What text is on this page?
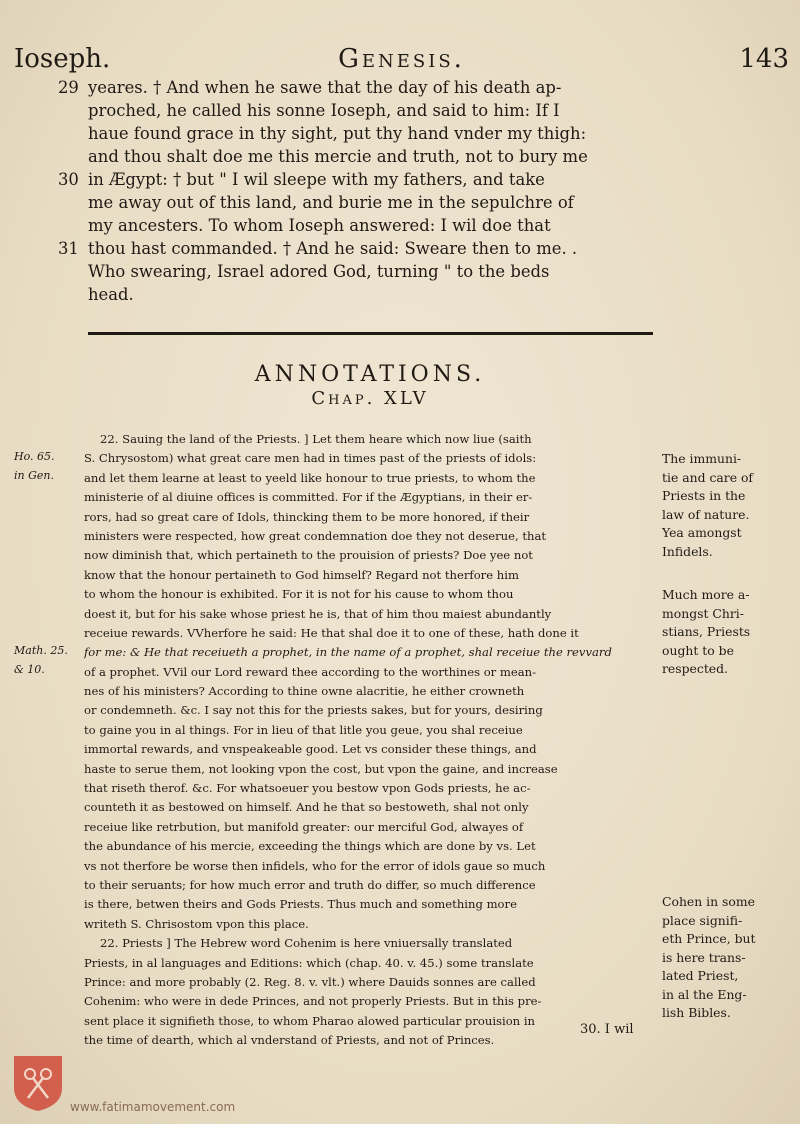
Ioseph.	Genesis.	143
29 yeares. † And when he sawe that the day of his death ap-
proched, he called his sonne Ioseph, and said to him: If I
haue found grace in thy sight, put thy hand vnder my thigh:
and thou shalt doe me this mercie and truth, not to bury me
30 in Ægypt: † but " I wil sleepe with my fathers, and take
me away out of this land, and burie me in the sepulchre of
my ancesters. To whom Ioseph answered: I wil doe that
31 thou hast commanded. † And he said: Sweare then to me. .
Who swearing, Israel adored God, turning " to the beds
head.
ANNOTATIONS.
Chap. XLV
Ho. 65.
in Gen.
Math. 25.
& 10.
22. Sauing the land of the Priests. ] Let them heare which now liue (saith
S. Chrysostom) what great care men had in times past of the priests of idols:
and let them learne at least to yeeld like honour to true priests, to whom the
ministerie of al diuine offices is committed. For if the Ægyptians, in their er-
rors, had so great care of Idols, thincking them to be more honored, if their
ministers were respected, how great condemnation doe they not deserue, that
now diminish that, which pertaineth to the prouision of priests? Doe yee not
know that the honour pertaineth to God himself? Regard not therfore him
to whom the honour is exhibited. For it is not for his cause to whom thou
doest it, but for his sake whose priest he is, that of him thou maiest abundantly
receiue rewards. VVherfore he said: He that shal doe it to one of these, hath done it
for me: & He that receiueth a prophet, in the name of a prophet, shal receiue the revvard
of a prophet. VVil our Lord reward thee according to the worthines or mean-
nes of his ministers? According to thine owne alacritie, he either crowneth
or condemneth. &c. I say not this for the priests sakes, but for yours, desiring
to gaine you in al things. For in lieu of that litle you geue, you shal receiue
immortal rewards, and vnspeakeable good. Let vs consider these things, and
haste to serue them, not looking vpon the cost, but vpon the gaine, and increase
that riseth therof. &c. For whatsoeuer you bestow vpon Gods priests, he ac-
counteth it as bestowed on himself. And he that so bestoweth, shal not only
receiue like retrbution, but manifold greater: our merciful God, alwayes of
the abundance of his mercie, exceeding the things which are done by vs. Let
vs not therfore be worse then infidels, who for the error of idols gaue so much
to their seruants; for how much error and truth do differ, so much difference
is there, betwen theirs and Gods Priests. Thus much and something more
writeth S. Chrisostom vpon this place.
22. Priests ] The Hebrew word Cohenim is here vniuersally translated
Priests, in al languages and Editions: which (chap. 40. v. 45.) some translate
Prince: and more probably (2. Reg. 8. v. vlt.) where Dauids sonnes are called
Cohenim: who were in dede Princes, and not properly Priests. But in this pre-
sent place it signifieth those, to whom Pharao alowed particular prouision in
the time of dearth, which al vnderstand of Priests, and not of Princes.
The immuni-
tie and care of
Priests in the
law of nature.
Yea amongst
Infidels.
Much more a-
mongst Chri-
stians, Priests
ought to be
respected.
Cohen in some
place signifi-
eth Prince, but
is here trans-
lated Priest,
in al the Eng-
lish Bibles.
30. I wil
www.fatimamovement.com
